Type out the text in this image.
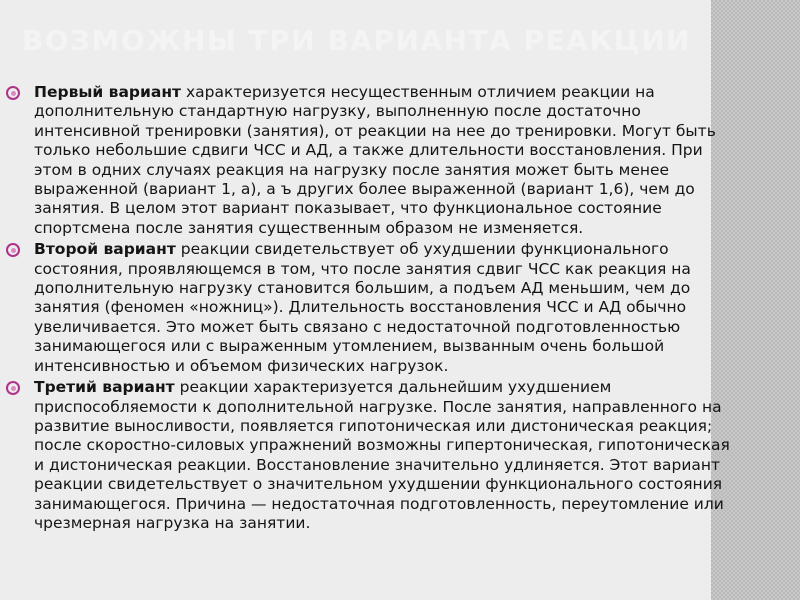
ВОЗМОЖНЫ ТРИ ВАРИАНТА РЕАКЦИИ
Первый вариант характеризуется несущественным отличием реакции на дополнительную стандартную нагрузку, выполненную после достаточно интенсивной тренировки (занятия), от реакции на нее до тренировки. Могут быть только небольшие сдвиги ЧСС и АД, а также длительности восстановления. При этом в одних случаях реакция на нагрузку после занятия может быть менее выраженной (вариант 1, а), а ъ других более выраженной (вариант 1,6), чем до занятия. В целом этот вариант показывает, что функциональное состояние спортсмена после занятия существенным образом не изменяется.
Второй вариант реакции свидетельствует об ухудшении функционального состояния, проявляющемся в том, что после занятия сдвиг ЧСС как реакция на дополнительную нагрузку становится большим, а подъем АД меньшим, чем до занятия (феномен «ножниц»). Длительность восстановления ЧСС и АД обычно увеличивается. Это может быть связано с недостаточной подготовленностью занимающегося или с выраженным утомлением, вызванным очень большой интенсивностью и объемом физических нагрузок.
Третий вариант реакции характеризуется дальнейшим ухудшением приспособляемости к дополнительной нагрузке. После занятия, направленного на развитие выносливости, появляется гипотоническая или дистоническая реакция; после скоростно-силовых упражнений возможны гипертоническая, гипотоническая и дистоническая реакции. Восстановление значительно удлиняется. Этот вариант реакции свидетельствует о значительном ухудшении функционального состояния занимающегося. Причина — недостаточная подготовленность, переутомление или чрезмерная нагрузка на занятии.
